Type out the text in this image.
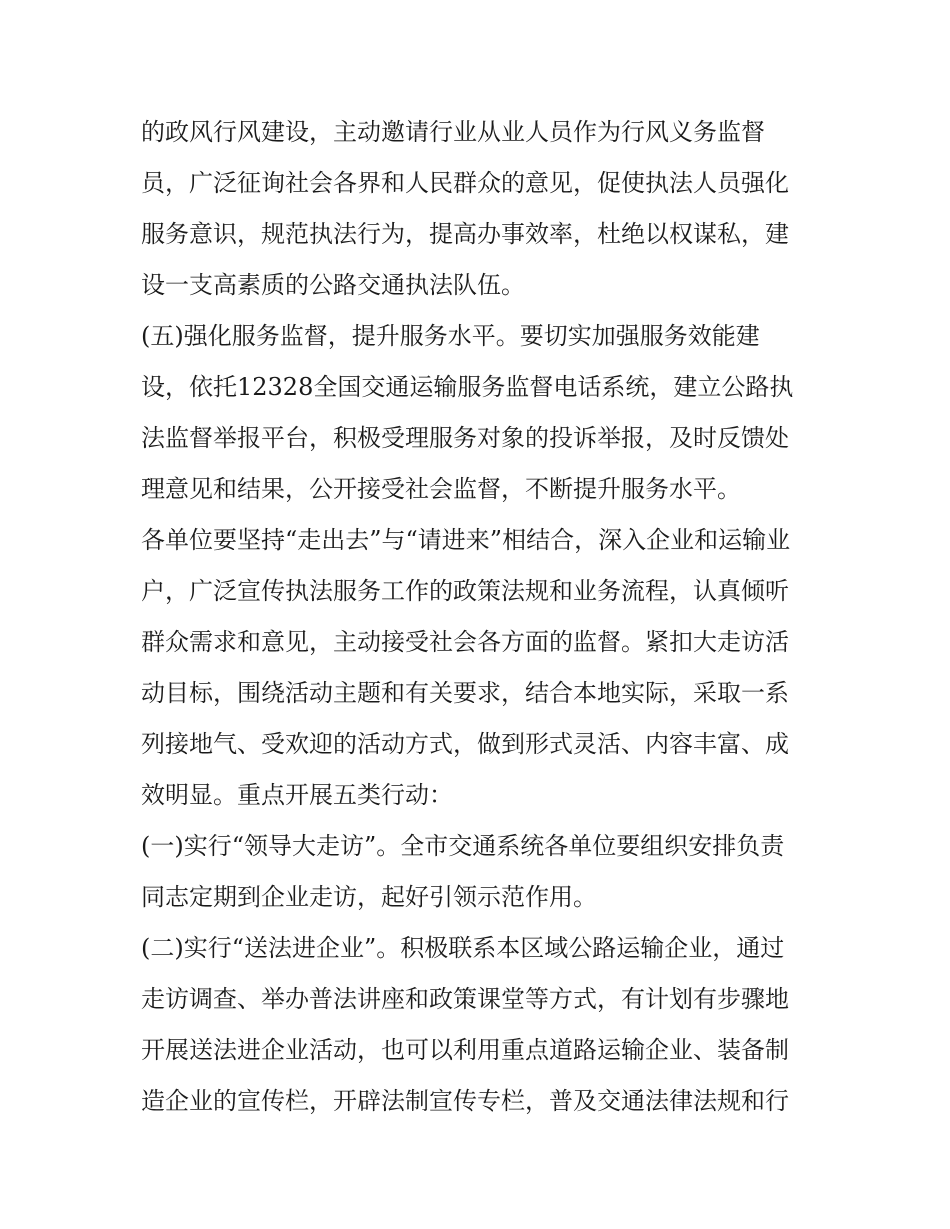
的政风行风建设，主动邀请行业从业人员作为行风义务监督
员，广泛征询社会各界和人民群众的意见，促使执法人员强化
服务意识，规范执法行为，提高办事效率，杜绝以权谋私，建
设一支高素质的公路交通执法队伍。
(五)强化服务监督，提升服务水平。要切实加强服务效能建
设，依托12328全国交通运输服务监督电话系统，建立公路执
法监督举报平台，积极受理服务对象的投诉举报，及时反馈处
理意见和结果，公开接受社会监督，不断提升服务水平。
各单位要坚持“走出去”与“请进来”相结合，深入企业和运输业
户，广泛宣传执法服务工作的政策法规和业务流程，认真倾听
群众需求和意见，主动接受社会各方面的监督。紧扣大走访活
动目标，围绕活动主题和有关要求，结合本地实际，采取一系
列接地气、受欢迎的活动方式，做到形式灵活、内容丰富、成
效明显。重点开展五类行动：
(一)实行“领导大走访”。全市交通系统各单位要组织安排负责
同志定期到企业走访，起好引领示范作用。
(二)实行“送法进企业”。积极联系本区域公路运输企业，通过
走访调查、举办普法讲座和政策课堂等方式，有计划有步骤地
开展送法进企业活动，也可以利用重点道路运输企业、装备制
造企业的宣传栏，开辟法制宣传专栏，普及交通法律法规和行
